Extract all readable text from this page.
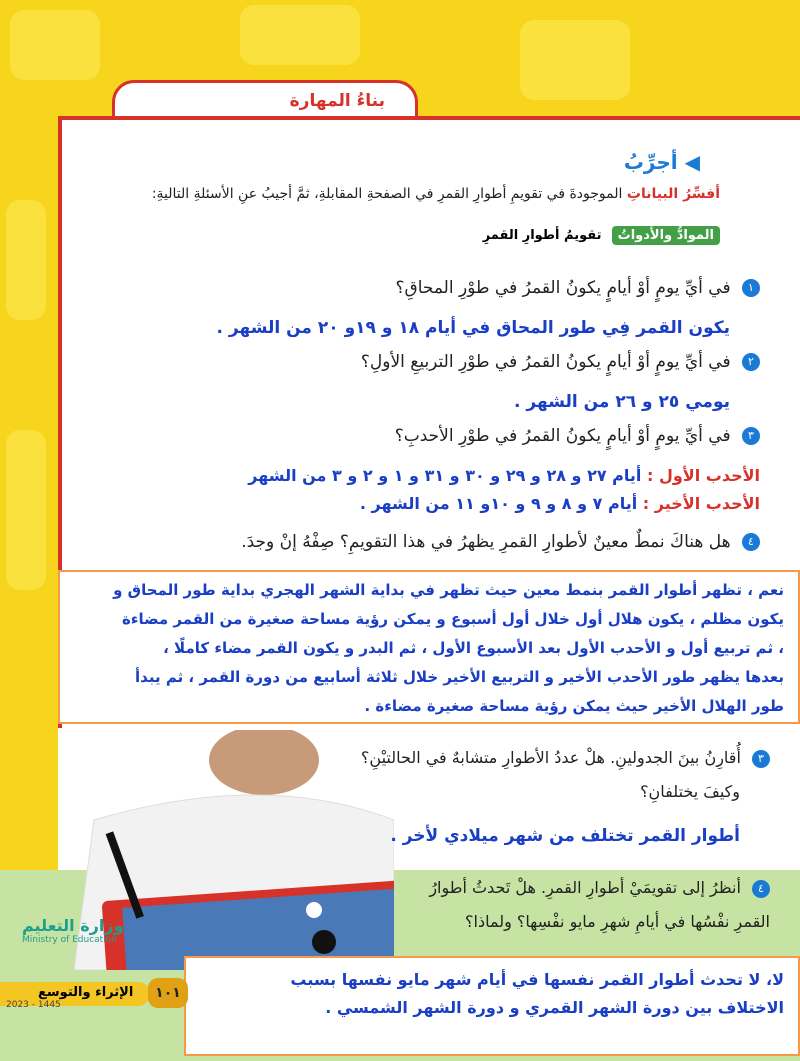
بناءُ المهارة
◀ أجرِّبُ
أفسِّرُ البياناتِ الموجودةَ في تقويمِ أطوارِ القمرِ في الصفحةِ المقابلةِ، ثمَّ أجيبُ عنِ الأسئلةِ التاليةِ:
الموادُّ والأدواتُ تقويمُ أطوارِ القمرِ
١ في أيِّ يومٍ أوْ أيامٍ يكونُ القمرُ في طوْرِ المحاقِ؟
يكون القمر فِي طور المحاق في أيام ١٨ و ١٩و ٢٠ من الشهر .
٢ في أيِّ يومٍ أوْ أيامٍ يكونُ القمرُ في طوْرِ التربيعِ الأولِ؟
يومي ٢٥ و ٢٦ من الشهر .
٣ في أيِّ يومٍ أوْ أيامٍ يكونُ القمرُ في طوْرِ الأحدبِ؟
الأحدب الأول : أيام ٢٧ و ٢٨ و ٢٩ و ٣٠ و ٣١ و ١ و ٢ و ٣ من الشهر
الأحدب الأخير : أيام ٧ و ٨ و ٩ و ١٠و ١١ من الشهر .
٤ هل هناكَ نمطٌ معينٌ لأطوارِ القمرِ يظهرُ في هذا التقويمِ؟ صِفْهُ إنْ وجدَ.
نعم ، تظهر أطوار القمر بنمط معين حيث تظهر في بداية الشهر الهجري بداية طور المحاق و
يكون مظلم ، يكون هلال أول خلال أول أسبوع و يمكن رؤية مساحة صغيرة من القمر مضاءة
، ثم تربيع أول و الأحدب الأول بعد الأسبوع الأول ، ثم البدر و يكون القمر مضاء كاملًا ،
بعدها يظهر طور الأحدب الأخير و التربيع الأخير خلال ثلاثة أسابيع من دورة القمر ، ثم يبدأ
طور الهلال الأخير حيث يمكن رؤية مساحة صغيرة مضاءة .
٣ أُقارِنُ بينَ الجدولينِ. هلْ عددُ الأطوارِ متشابهٌ في الحالتيْنِ؟
وكيفَ يختلفانِ؟
أطوار القمر تختلف من شهر ميلادي لأخر .
٤ أنظرُ إلى تقويمَيْ أطوارِ القمرِ. هلْ تَحدثُ أطوارُ
القمرِ نفْسُها في أيامِ شهرِ مايو نفْسِها؟ ولماذا؟
لا، لا تحدث أطوار القمر نفسها في أيام شهر مايو نفسها بسبب
الاختلاف بين دورة الشهر القمري و دورة الشهر الشمسي .
وزارة التعليم
Ministry of Education
الإثراء والتوسع
2023 - 1445
١٠١
